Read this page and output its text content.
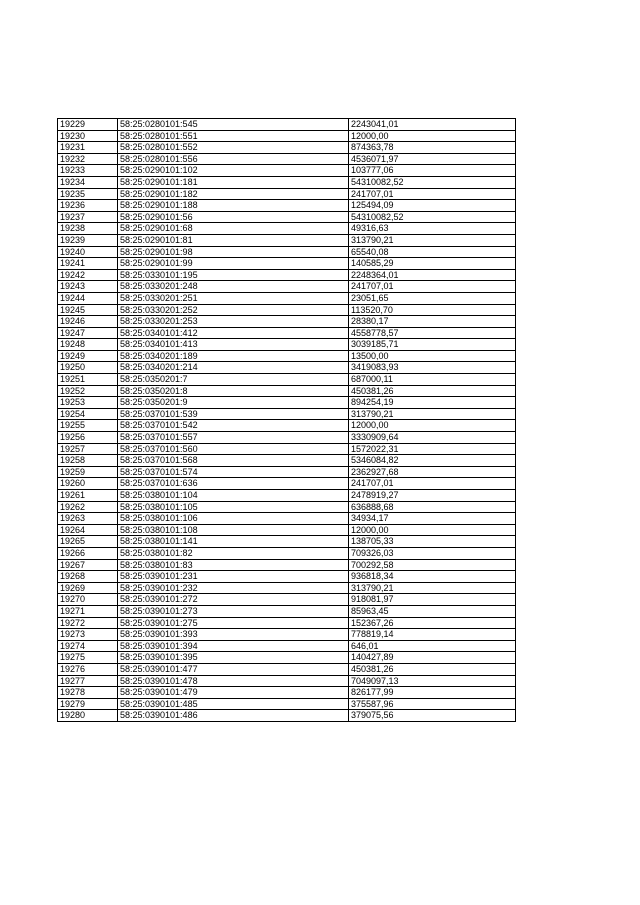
19229	58:25:0280101:545	2243041,01
19230	58:25:0280101:551	12000,00
19231	58:25:0280101:552	874363,78
19232	58:25:0280101:556	4536071,97
19233	58:25:0290101:102	103777,06
19234	58:25:0290101:181	54310082,52
19235	58:25:0290101:182	241707,01
19236	58:25:0290101:188	125494,09
19237	58:25:0290101:56	54310082,52
19238	58:25:0290101:68	49316,63
19239	58:25:0290101:81	313790,21
19240	58:25:0290101:98	65540,08
19241	58:25:0290101:99	140585,29
19242	58:25:0330101:195	2248364,01
19243	58:25:0330201:248	241707,01
19244	58:25:0330201:251	23051,65
19245	58:25:0330201:252	113520,70
19246	58:25:0330201:253	28380,17
19247	58:25:0340101:412	4558778,57
19248	58:25:0340101:413	3039185,71
19249	58:25:0340201:189	13500,00
19250	58:25:0340201:214	3419083,93
19251	58:25:0350201:7	687000,11
19252	58:25:0350201:8	450381,26
19253	58:25:0350201:9	894254,19
19254	58:25:0370101:539	313790,21
19255	58:25:0370101:542	12000,00
19256	58:25:0370101:557	3330909,64
19257	58:25:0370101:560	1572022,31
19258	58:25:0370101:568	5346084,82
19259	58:25:0370101:574	2362927,68
19260	58:25:0370101:636	241707,01
19261	58:25:0380101:104	2478919,27
19262	58:25:0380101:105	636888,68
19263	58:25:0380101:106	34934,17
19264	58:25:0380101:108	12000,00
19265	58:25:0380101:141	138705,33
19266	58:25:0380101:82	709326,03
19267	58:25:0380101:83	700292,58
19268	58:25:0390101:231	936818,34
19269	58:25:0390101:232	313790,21
19270	58:25:0390101:272	918081,97
19271	58:25:0390101:273	85963,45
19272	58:25:0390101:275	152367,26
19273	58:25:0390101:393	778819,14
19274	58:25:0390101:394	646,01
19275	58:25:0390101:395	140427,89
19276	58:25:0390101:477	450381,26
19277	58:25:0390101:478	7049097,13
19278	58:25:0390101:479	826177,99
19279	58:25:0390101:485	375587,96
19280	58:25:0390101:486	379075,56
